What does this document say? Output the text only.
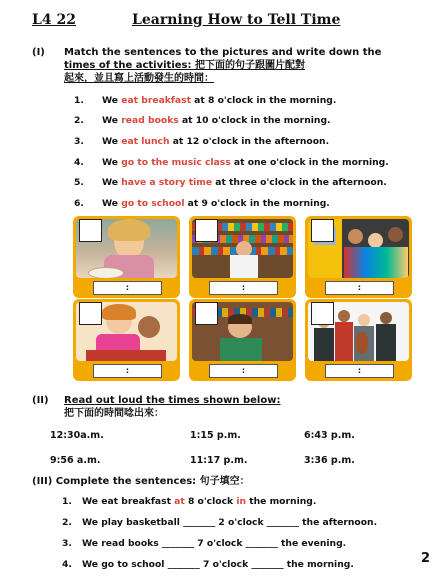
L4 22	Learning How to Tell Time
(I) Match the sentences to the pictures and write down the
times of the activities: 把下面的句子跟圖片配對
起來，並且寫上活動發生的時間：
1. We eat breakfast at 8 o'clock in the morning.
2. We read books at 10 o'clock in the morning.
3. We eat lunch at 12 o'clock in the afternoon.
4. We go to the music class at one o'clock in the morning.
5. We have a story time at three o'clock in the afternoon.
6. We go to school at 9 o'clock in the morning.
:	:	:
:	:	:
(II) Read out loud the times shown below:
把下面的時間唸出來：
12:30a.m.	1:15 p.m.	6:43 p.m.
9:56 a.m.	11:17 p.m.	3:36 p.m.
(III) Complete the sentences: 句子填空：
1. We eat breakfast at 8 o'clock in the morning.
2. We play basketball _______ 2 o'clock _______ the afternoon.
3. We read books _______ 7 o'clock _______ the evening.
4. We go to school _______ 7 o'clock _______ the morning.	2
